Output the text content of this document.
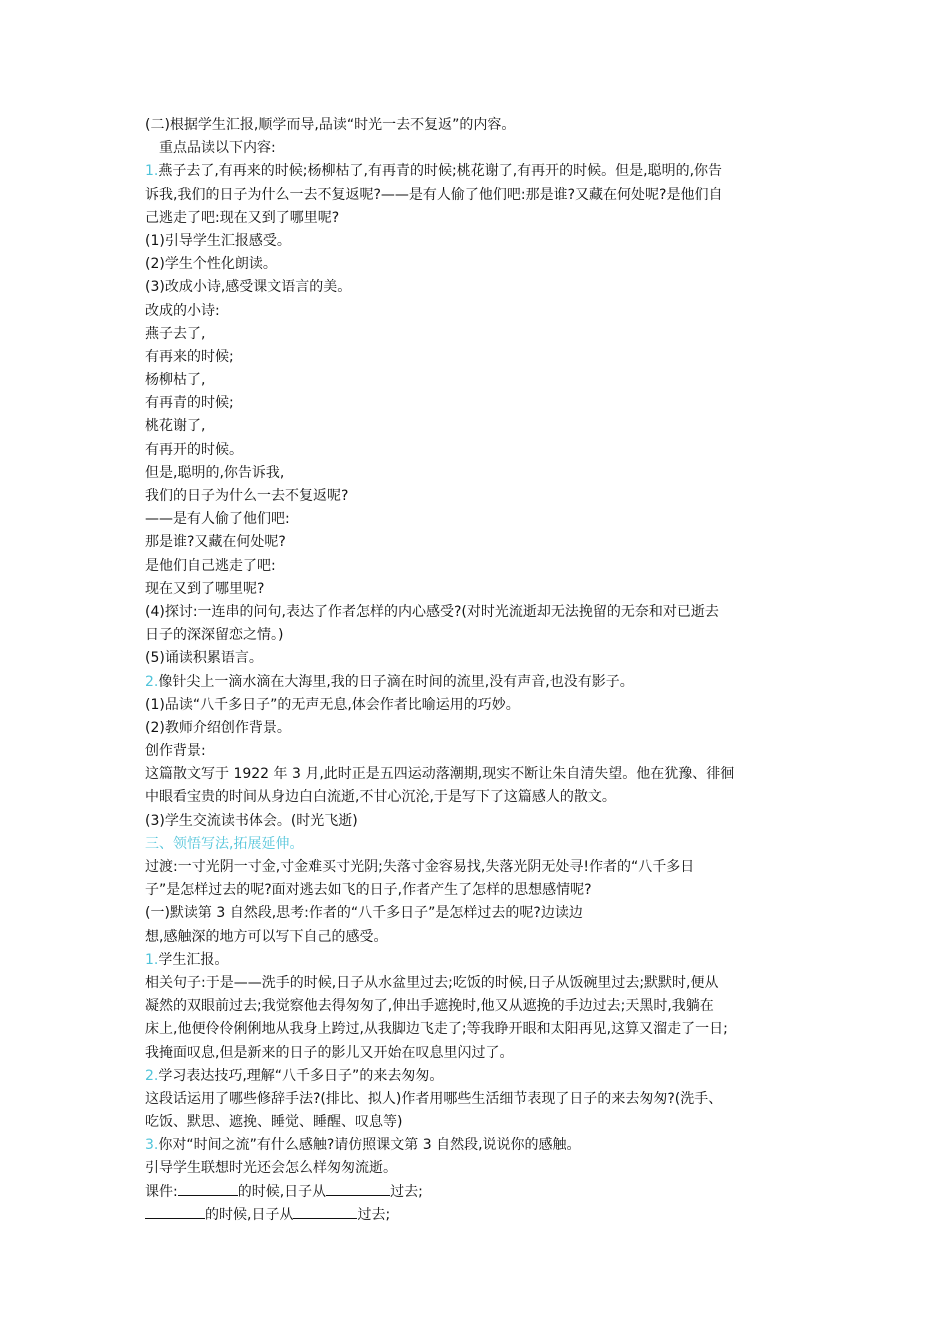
(二)根据学生汇报,顺学而导,品读“时光一去不复返”的内容。
重点品读以下内容:
1.燕子去了,有再来的时候;杨柳枯了,有再青的时候;桃花谢了,有再开的时候。但是,聪明的,你告
诉我,我们的日子为什么一去不复返呢?——是有人偷了他们吧:那是谁?又藏在何处呢?是他们自
己逃走了吧:现在又到了哪里呢?
(1)引导学生汇报感受。
(2)学生个性化朗读。
(3)改成小诗,感受课文语言的美。
改成的小诗:
燕子去了,
有再来的时候;
杨柳枯了,
有再青的时候;
桃花谢了,
有再开的时候。
但是,聪明的,你告诉我,
我们的日子为什么一去不复返呢?
——是有人偷了他们吧:
那是谁?又藏在何处呢?
是他们自己逃走了吧:
现在又到了哪里呢?
(4)探讨:一连串的问句,表达了作者怎样的内心感受?(对时光流逝却无法挽留的无奈和对已逝去
日子的深深留恋之情。)
(5)诵读积累语言。
2.像针尖上一滴水滴在大海里,我的日子滴在时间的流里,没有声音,也没有影子。
(1)品读“八千多日子”的无声无息,体会作者比喻运用的巧妙。
(2)教师介绍创作背景。
创作背景:
这篇散文写于 1922 年 3 月,此时正是五四运动落潮期,现实不断让朱自清失望。他在犹豫、徘徊
中眼看宝贵的时间从身边白白流逝,不甘心沉沦,于是写下了这篇感人的散文。
(3)学生交流读书体会。(时光飞逝)
三、领悟写法,拓展延伸。
过渡:一寸光阴一寸金,寸金难买寸光阴;失落寸金容易找,失落光阴无处寻!作者的“八千多日
子”是怎样过去的呢?面对逃去如飞的日子,作者产生了怎样的思想感情呢?
(一)默读第 3 自然段,思考:作者的“八千多日子”是怎样过去的呢?边读边
想,感触深的地方可以写下自己的感受。
1.学生汇报。
相关句子:于是——洗手的时候,日子从水盆里过去;吃饭的时候,日子从饭碗里过去;默默时,便从
凝然的双眼前过去;我觉察他去得匆匆了,伸出手遮挽时,他又从遮挽的手边过去;天黑时,我躺在
床上,他便伶伶俐俐地从我身上跨过,从我脚边飞走了;等我睁开眼和太阳再见,这算又溜走了一日;
我掩面叹息,但是新来的日子的影儿又开始在叹息里闪过了。
2.学习表达技巧,理解“八千多日子”的来去匆匆。
这段话运用了哪些修辞手法?(排比、拟人)作者用哪些生活细节表现了日子的来去匆匆?(洗手、
吃饭、默思、遮挽、睡觉、睡醒、叹息等)
3.你对“时间之流”有什么感触?请仿照课文第 3 自然段,说说你的感触。
引导学生联想时光还会怎么样匆匆流逝。
课件:	的时候,日子从	过去;
的时候,日子从	过去;
